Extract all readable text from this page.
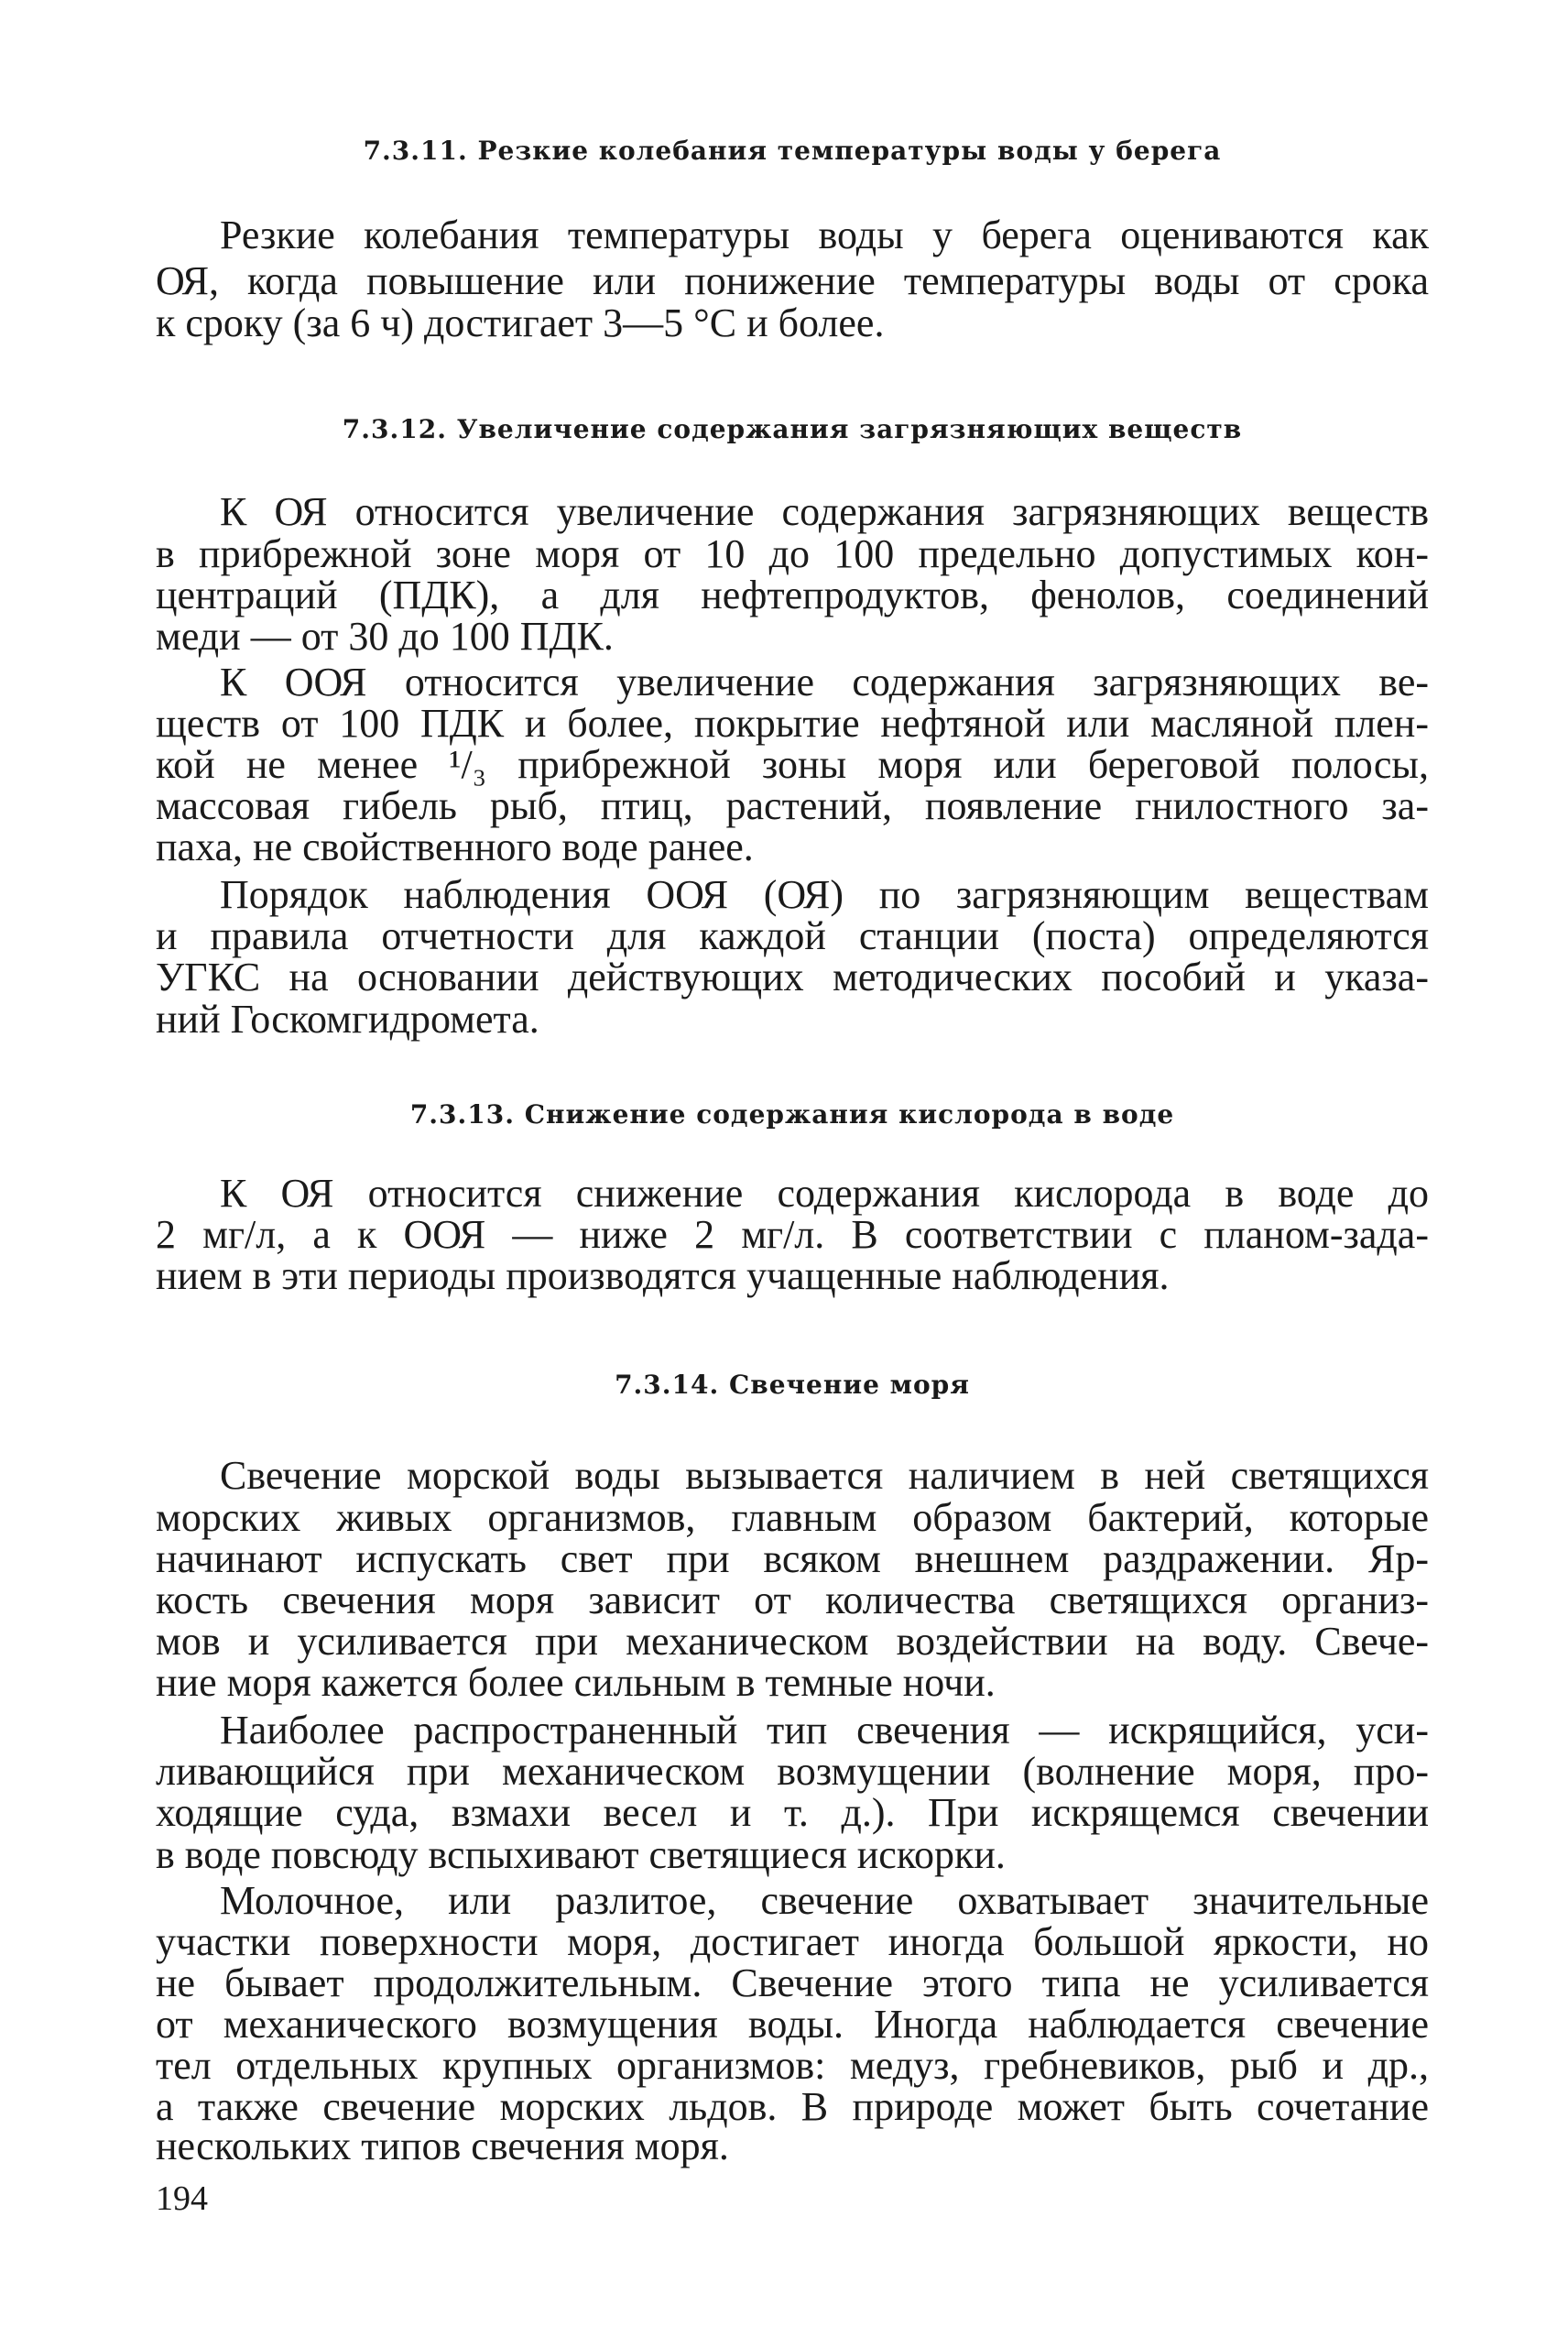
7.3.11. Резкие колебания температуры воды у берега
Резкие колебания температуры воды у берега оцениваются как
ОЯ, когда повышение или понижение температуры воды от срока
к сроку (за 6 ч) достигает 3—5 °С и более.
7.3.12. Увеличение содержания загрязняющих веществ
К ОЯ относится увеличение содержания загрязняющих веществ
в прибрежной зоне моря от 10 до 100 предельно допустимых кон-
центраций (ПДК), а для нефтепродуктов, фенолов, соединений
меди — от 30 до 100 ПДК.
К ООЯ относится увеличение содержания загрязняющих ве-
ществ от 100 ПДК и более, покрытие нефтяной или масляной плен-
кой не менее ¹/₃ прибрежной зоны моря или береговой полосы,
массовая гибель рыб, птиц, растений, появление гнилостного за-
паха, не свойственного воде ранее.
Порядок наблюдения ООЯ (ОЯ) по загрязняющим веществам
и правила отчетности для каждой станции (поста) определяются
УГКС на основании действующих методических пособий и указа-
ний Госкомгидромета.
7.3.13. Снижение содержания кислорода в воде
К ОЯ относится снижение содержания кислорода в воде до
2 мг/л, а к ООЯ — ниже 2 мг/л. В соответствии с планом-зада-
нием в эти периоды производятся учащенные наблюдения.
7.3.14. Свечение моря
Свечение морской воды вызывается наличием в ней светящихся
морских живых организмов, главным образом бактерий, которые
начинают испускать свет при всяком внешнем раздражении. Яр-
кость свечения моря зависит от количества светящихся организ-
мов и усиливается при механическом воздействии на воду. Свече-
ние моря кажется более сильным в темные ночи.
Наиболее распространенный тип свечения — искрящийся, уси-
ливающийся при механическом возмущении (волнение моря, про-
ходящие суда, взмахи весел и т. д.). При искрящемся свечении
в воде повсюду вспыхивают светящиеся искорки.
Молочное, или разлитое, свечение охватывает значительные
участки поверхности моря, достигает иногда большой яркости, но
не бывает продолжительным. Свечение этого типа не усиливается
от механического возмущения воды. Иногда наблюдается свечение
тел отдельных крупных организмов: медуз, гребневиков, рыб и др.,
а также свечение морских льдов. В природе может быть сочетание
нескольких типов свечения моря.
194
